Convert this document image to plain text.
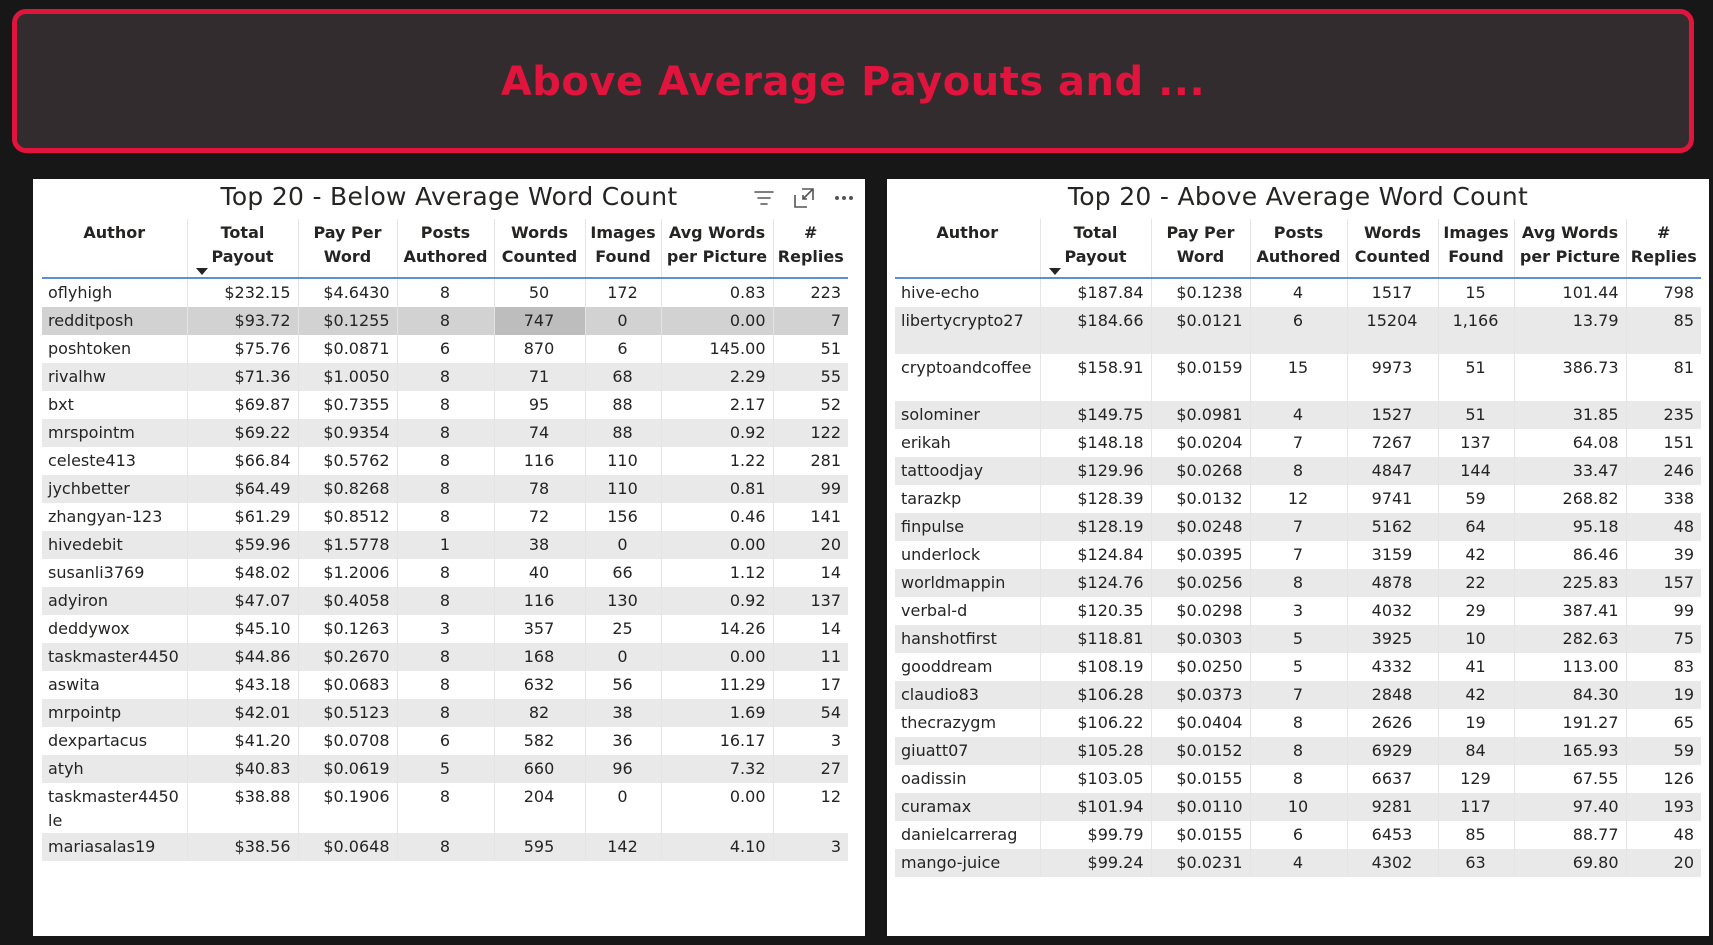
Above Average Payouts and ...
Top 20 - Below Average Word Count
Author	Total Payout	Pay Per Word	Posts Authored	Words Counted	Images Found	Avg Words per Picture	# Replies
oflyhigh	$232.15	$4.6430	8	50	172	0.83	223
redditposh	$93.72	$0.1255	8	747	0	0.00	7
poshtoken	$75.76	$0.0871	6	870	6	145.00	51
rivalhw	$71.36	$1.0050	8	71	68	2.29	55
bxt	$69.87	$0.7355	8	95	88	2.17	52
mrspointm	$69.22	$0.9354	8	74	88	0.92	122
celeste413	$66.84	$0.5762	8	116	110	1.22	281
jychbetter	$64.49	$0.8268	8	78	110	0.81	99
zhangyan-123	$61.29	$0.8512	8	72	156	0.46	141
hivedebit	$59.96	$1.5778	1	38	0	0.00	20
susanli3769	$48.02	$1.2006	8	40	66	1.12	14
adyiron	$47.07	$0.4058	8	116	130	0.92	137
deddywox	$45.10	$0.1263	3	357	25	14.26	14
taskmaster4450	$44.86	$0.2670	8	168	0	0.00	11
aswita	$43.18	$0.0683	8	632	56	11.29	17
mrpointp	$42.01	$0.5123	8	82	38	1.69	54
dexpartacus	$41.20	$0.0708	6	582	36	16.17	3
atyh	$40.83	$0.0619	5	660	96	7.32	27
taskmaster4450le	$38.88	$0.1906	8	204	0	0.00	12
mariasalas19	$38.56	$0.0648	8	595	142	4.10	3
Top 20 - Above Average Word Count
Author	Total Payout	Pay Per Word	Posts Authored	Words Counted	Images Found	Avg Words per Picture	# Replies
hive-echo	$187.84	$0.1238	4	1517	15	101.44	798
libertycrypto27	$184.66	$0.0121	6	15204	1,166	13.79	85
cryptoandcoffee	$158.91	$0.0159	15	9973	51	386.73	81
solominer	$149.75	$0.0981	4	1527	51	31.85	235
erikah	$148.18	$0.0204	7	7267	137	64.08	151
tattoodjay	$129.96	$0.0268	8	4847	144	33.47	246
tarazkp	$128.39	$0.0132	12	9741	59	268.82	338
finpulse	$128.19	$0.0248	7	5162	64	95.18	48
underlock	$124.84	$0.0395	7	3159	42	86.46	39
worldmappin	$124.76	$0.0256	8	4878	22	225.83	157
verbal-d	$120.35	$0.0298	3	4032	29	387.41	99
hanshotfirst	$118.81	$0.0303	5	3925	10	282.63	75
gooddream	$108.19	$0.0250	5	4332	41	113.00	83
claudio83	$106.28	$0.0373	7	2848	42	84.30	19
thecrazygm	$106.22	$0.0404	8	2626	19	191.27	65
giuatt07	$105.28	$0.0152	8	6929	84	165.93	59
oadissin	$103.05	$0.0155	8	6637	129	67.55	126
curamax	$101.94	$0.0110	10	9281	117	97.40	193
danielcarrerag	$99.79	$0.0155	6	6453	85	88.77	48
mango-juice	$99.24	$0.0231	4	4302	63	69.80	20
